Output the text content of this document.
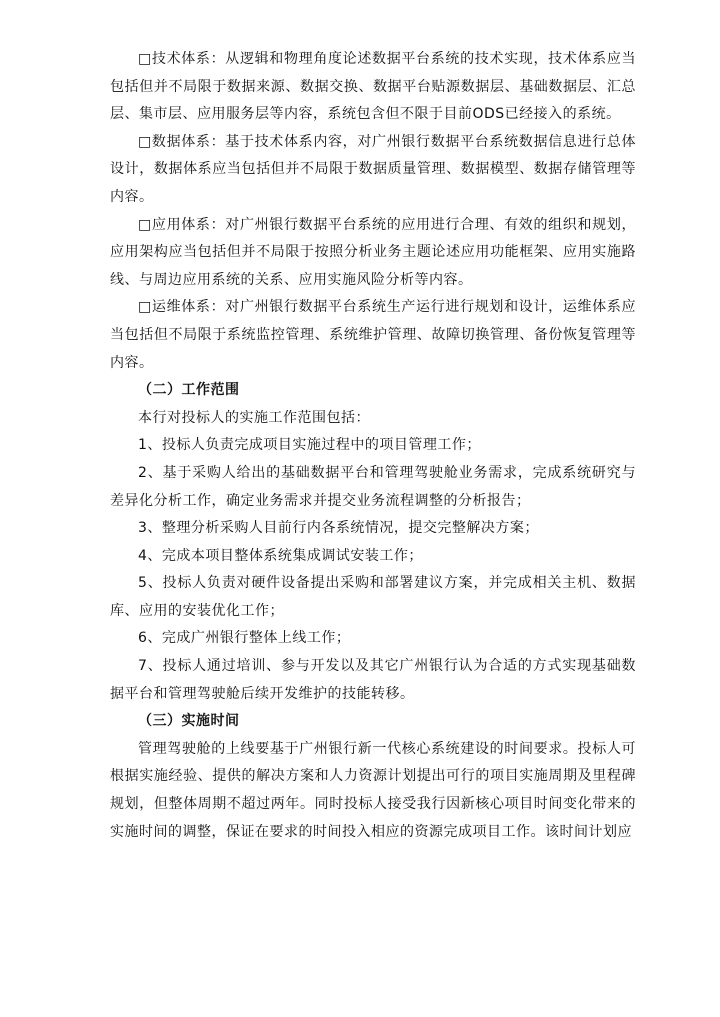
□技术体系：从逻辑和物理角度论述数据平台系统的技术实现，技术体系应当包括但并不局限于数据来源、数据交换、数据平台贴源数据层、基础数据层、汇总层、集市层、应用服务层等内容，系统包含但不限于目前ODS已经接入的系统。

□数据体系：基于技术体系内容，对广州银行数据平台系统数据信息进行总体设计，数据体系应当包括但并不局限于数据质量管理、数据模型、数据存储管理等内容。

□应用体系：对广州银行数据平台系统的应用进行合理、有效的组织和规划，应用架构应当包括但并不局限于按照分析业务主题论述应用功能框架、应用实施路线、与周边应用系统的关系、应用实施风险分析等内容。

□运维体系：对广州银行数据平台系统生产运行进行规划和设计，运维体系应当包括但不局限于系统监控管理、系统维护管理、故障切换管理、备份恢复管理等内容。

（二）工作范围

本行对投标人的实施工作范围包括：

1、投标人负责完成项目实施过程中的项目管理工作；

2、基于采购人给出的基础数据平台和管理驾驶舱业务需求，完成系统研究与差异化分析工作，确定业务需求并提交业务流程调整的分析报告；

3、整理分析采购人目前行内各系统情况，提交完整解决方案；

4、完成本项目整体系统集成调试安装工作；

5、投标人负责对硬件设备提出采购和部署建议方案，并完成相关主机、数据库、应用的安装优化工作；

6、完成广州银行整体上线工作；

7、投标人通过培训、参与开发以及其它广州银行认为合适的方式实现基础数据平台和管理驾驶舱后续开发维护的技能转移。

（三）实施时间

管理驾驶舱的上线要基于广州银行新一代核心系统建设的时间要求。投标人可根据实施经验、提供的解决方案和人力资源计划提出可行的项目实施周期及里程碑规划，但整体周期不超过两年。同时投标人接受我行因新核心项目时间变化带来的实施时间的调整，保证在要求的时间投入相应的资源完成项目工作。该时间计划应
